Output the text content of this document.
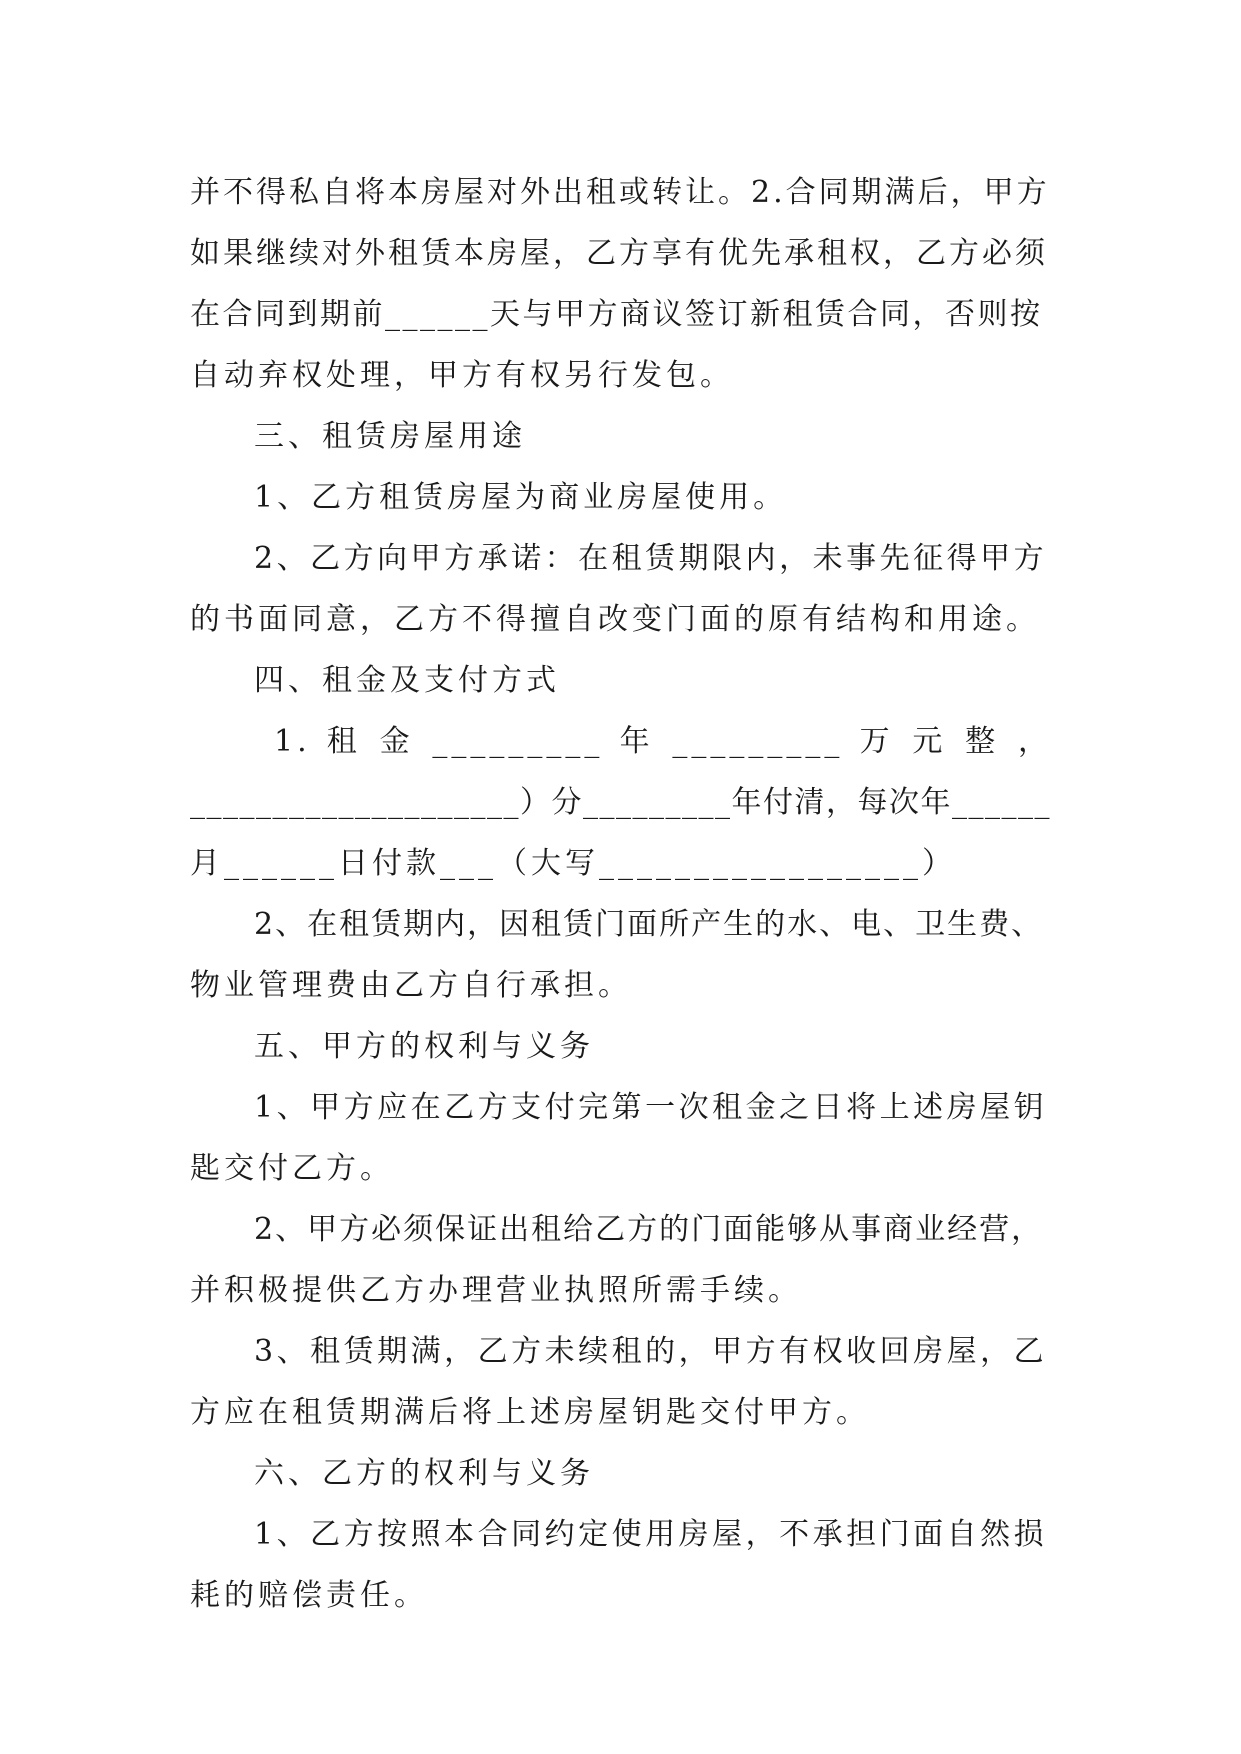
并不得私自将本房屋对外出租或转让。2.合同期满后，甲方
如果继续对外租赁本房屋，乙方享有优先承租权，乙方必须
在合同到期前______天与甲方商议签订新租赁合同，否则按
自动弃权处理，甲方有权另行发包。
三、租赁房屋用途
1、乙方租赁房屋为商业房屋使用。
2、乙方向甲方承诺：在租赁期限内，未事先征得甲方
的书面同意，乙方不得擅自改变门面的原有结构和用途。
四、租金及支付方式
1. 租 金 _________ 年 _________ 万 元 整 ，
____________________）分_________年付清，每次年______
月______日付款___（大写_________________）
2、在租赁期内，因租赁门面所产生的水、电、卫生费、
物业管理费由乙方自行承担。
五、甲方的权利与义务
1、甲方应在乙方支付完第一次租金之日将上述房屋钥
匙交付乙方。
2、甲方必须保证出租给乙方的门面能够从事商业经营，
并积极提供乙方办理营业执照所需手续。
3、租赁期满，乙方未续租的，甲方有权收回房屋，乙
方应在租赁期满后将上述房屋钥匙交付甲方。
六、乙方的权利与义务
1、乙方按照本合同约定使用房屋，不承担门面自然损
耗的赔偿责任。
